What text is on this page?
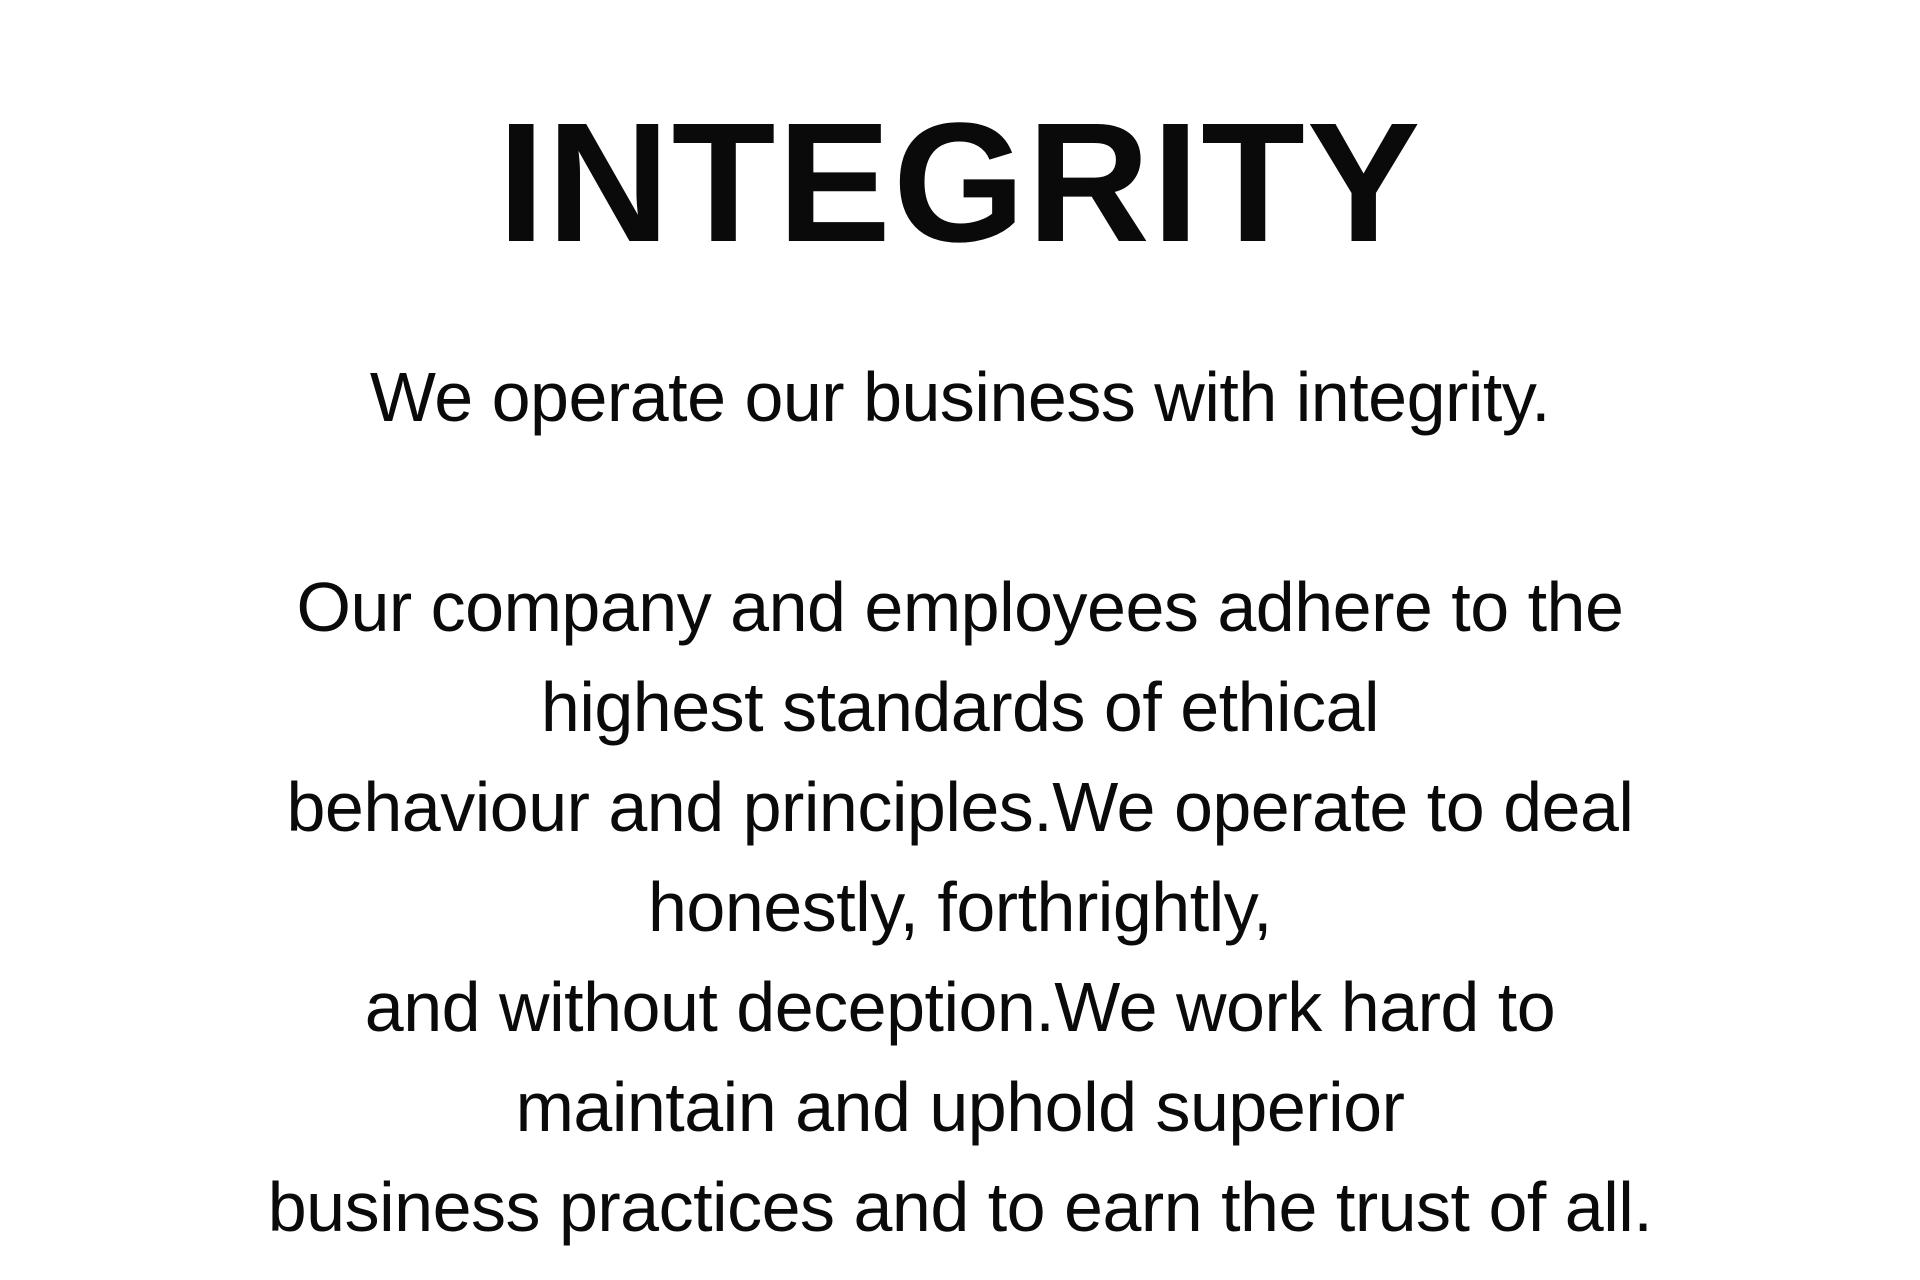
INTEGRITY

We operate our business with integrity.

Our company and employees adhere to the
highest standards of ethical
behaviour and principles.We operate to deal
honestly, forthrightly,
and without deception.We work hard to
maintain and uphold superior
business practices and to earn the trust of all.
